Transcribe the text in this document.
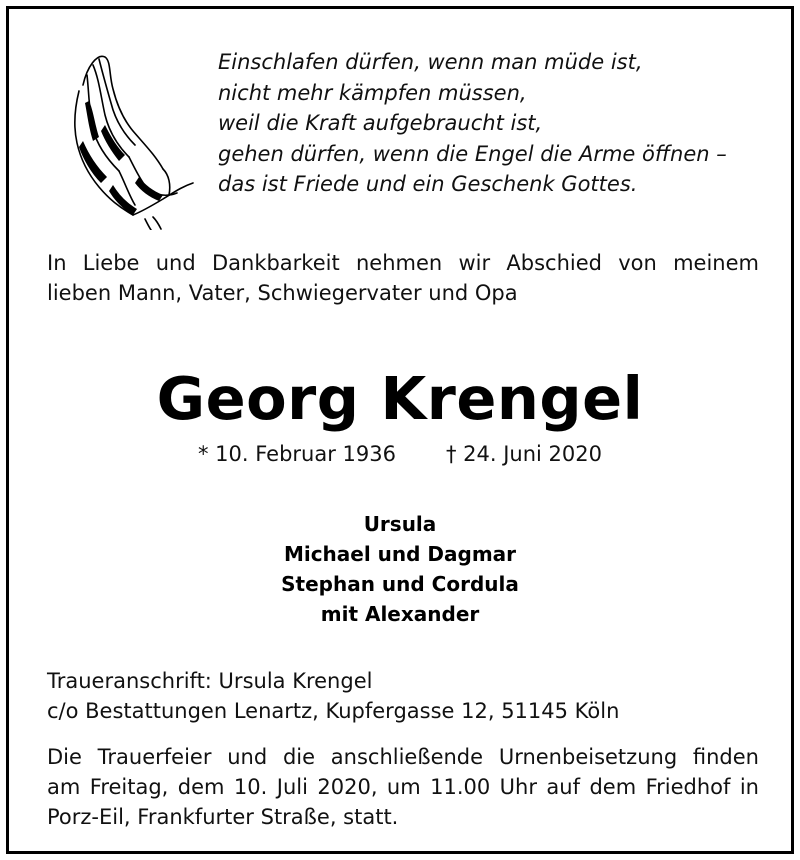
Einschlafen dürfen, wenn man müde ist,
nicht mehr kämpfen müssen,
weil die Kraft aufgebraucht ist,
gehen dürfen, wenn die Engel die Arme öffnen –
das ist Friede und ein Geschenk Gottes.
In Liebe und Dankbarkeit nehmen wir Abschied von meinem
lieben Mann, Vater, Schwiegervater und Opa
Georg Krengel
* 10. Februar 1936 † 24. Juni 2020
Ursula
Michael und Dagmar
Stephan und Cordula
mit Alexander
Traueranschrift: Ursula Krengel
c/o Bestattungen Lenartz, Kupfergasse 12, 51145 Köln
Die Trauerfeier und die anschließende Urnenbeisetzung finden
am Freitag, dem 10. Juli 2020, um 11.00 Uhr auf dem Friedhof in
Porz-Eil, Frankfurter Straße, statt.
